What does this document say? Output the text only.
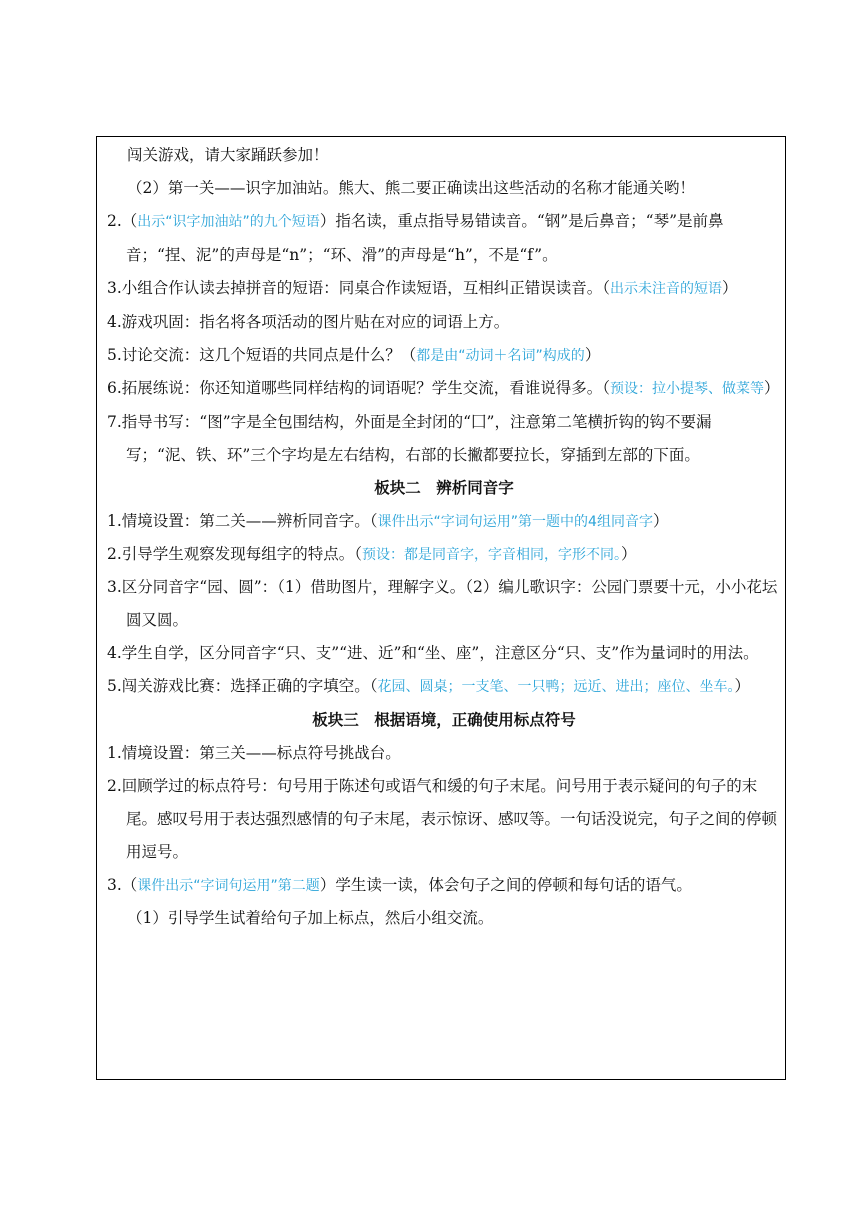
闯关游戏，请大家踊跃参加！
（2）第一关——识字加油站。熊大、熊二要正确读出这些活动的名称才能通关哟！
2.（出示“识字加油站”的九个短语）指名读，重点指导易错读音。“钢”是后鼻音；“琴”是前鼻音；“捏、泥”的声母是“n”；“环、滑”的声母是“h”，不是“f”。
3.小组合作认读去掉拼音的短语：同桌合作读短语，互相纠正错误读音。（出示未注音的短语）
4.游戏巩固：指名将各项活动的图片贴在对应的词语上方。
5.讨论交流：这几个短语的共同点是什么？（都是由“动词＋名词”构成的）
6.拓展练说：你还知道哪些同样结构的词语呢？学生交流，看谁说得多。（预设：拉小提琴、做菜等）
7.指导书写：“图”字是全包围结构，外面是全封闭的“囗”，注意第二笔横折钩的钩不要漏写；“泥、铁、环”三个字均是左右结构，右部的长撇都要拉长，穿插到左部的下面。
板块二　辨析同音字
1.情境设置：第二关——辨析同音字。（课件出示“字词句运用”第一题中的4组同音字）
2.引导学生观察发现每组字的特点。（预设：都是同音字，字音相同，字形不同。）
3.区分同音字“园、圆”：（1）借助图片，理解字义。（2）编儿歌识字：公园门票要十元，小小花坛圆又圆。
4.学生自学，区分同音字“只、支”“进、近”和“坐、座”，注意区分“只、支”作为量词时的用法。
5.闯关游戏比赛：选择正确的字填空。（花园、圆桌；一支笔、一只鸭；远近、进出；座位、坐车。）
板块三　根据语境，正确使用标点符号
1.情境设置：第三关——标点符号挑战台。
2.回顾学过的标点符号：句号用于陈述句或语气和缓的句子末尾。问号用于表示疑问的句子的末尾。感叹号用于表达强烈感情的句子末尾，表示惊讶、感叹等。一句话没说完，句子之间的停顿用逗号。
3.（课件出示“字词句运用”第二题）学生读一读，体会句子之间的停顿和每句话的语气。
（1）引导学生试着给句子加上标点，然后小组交流。
